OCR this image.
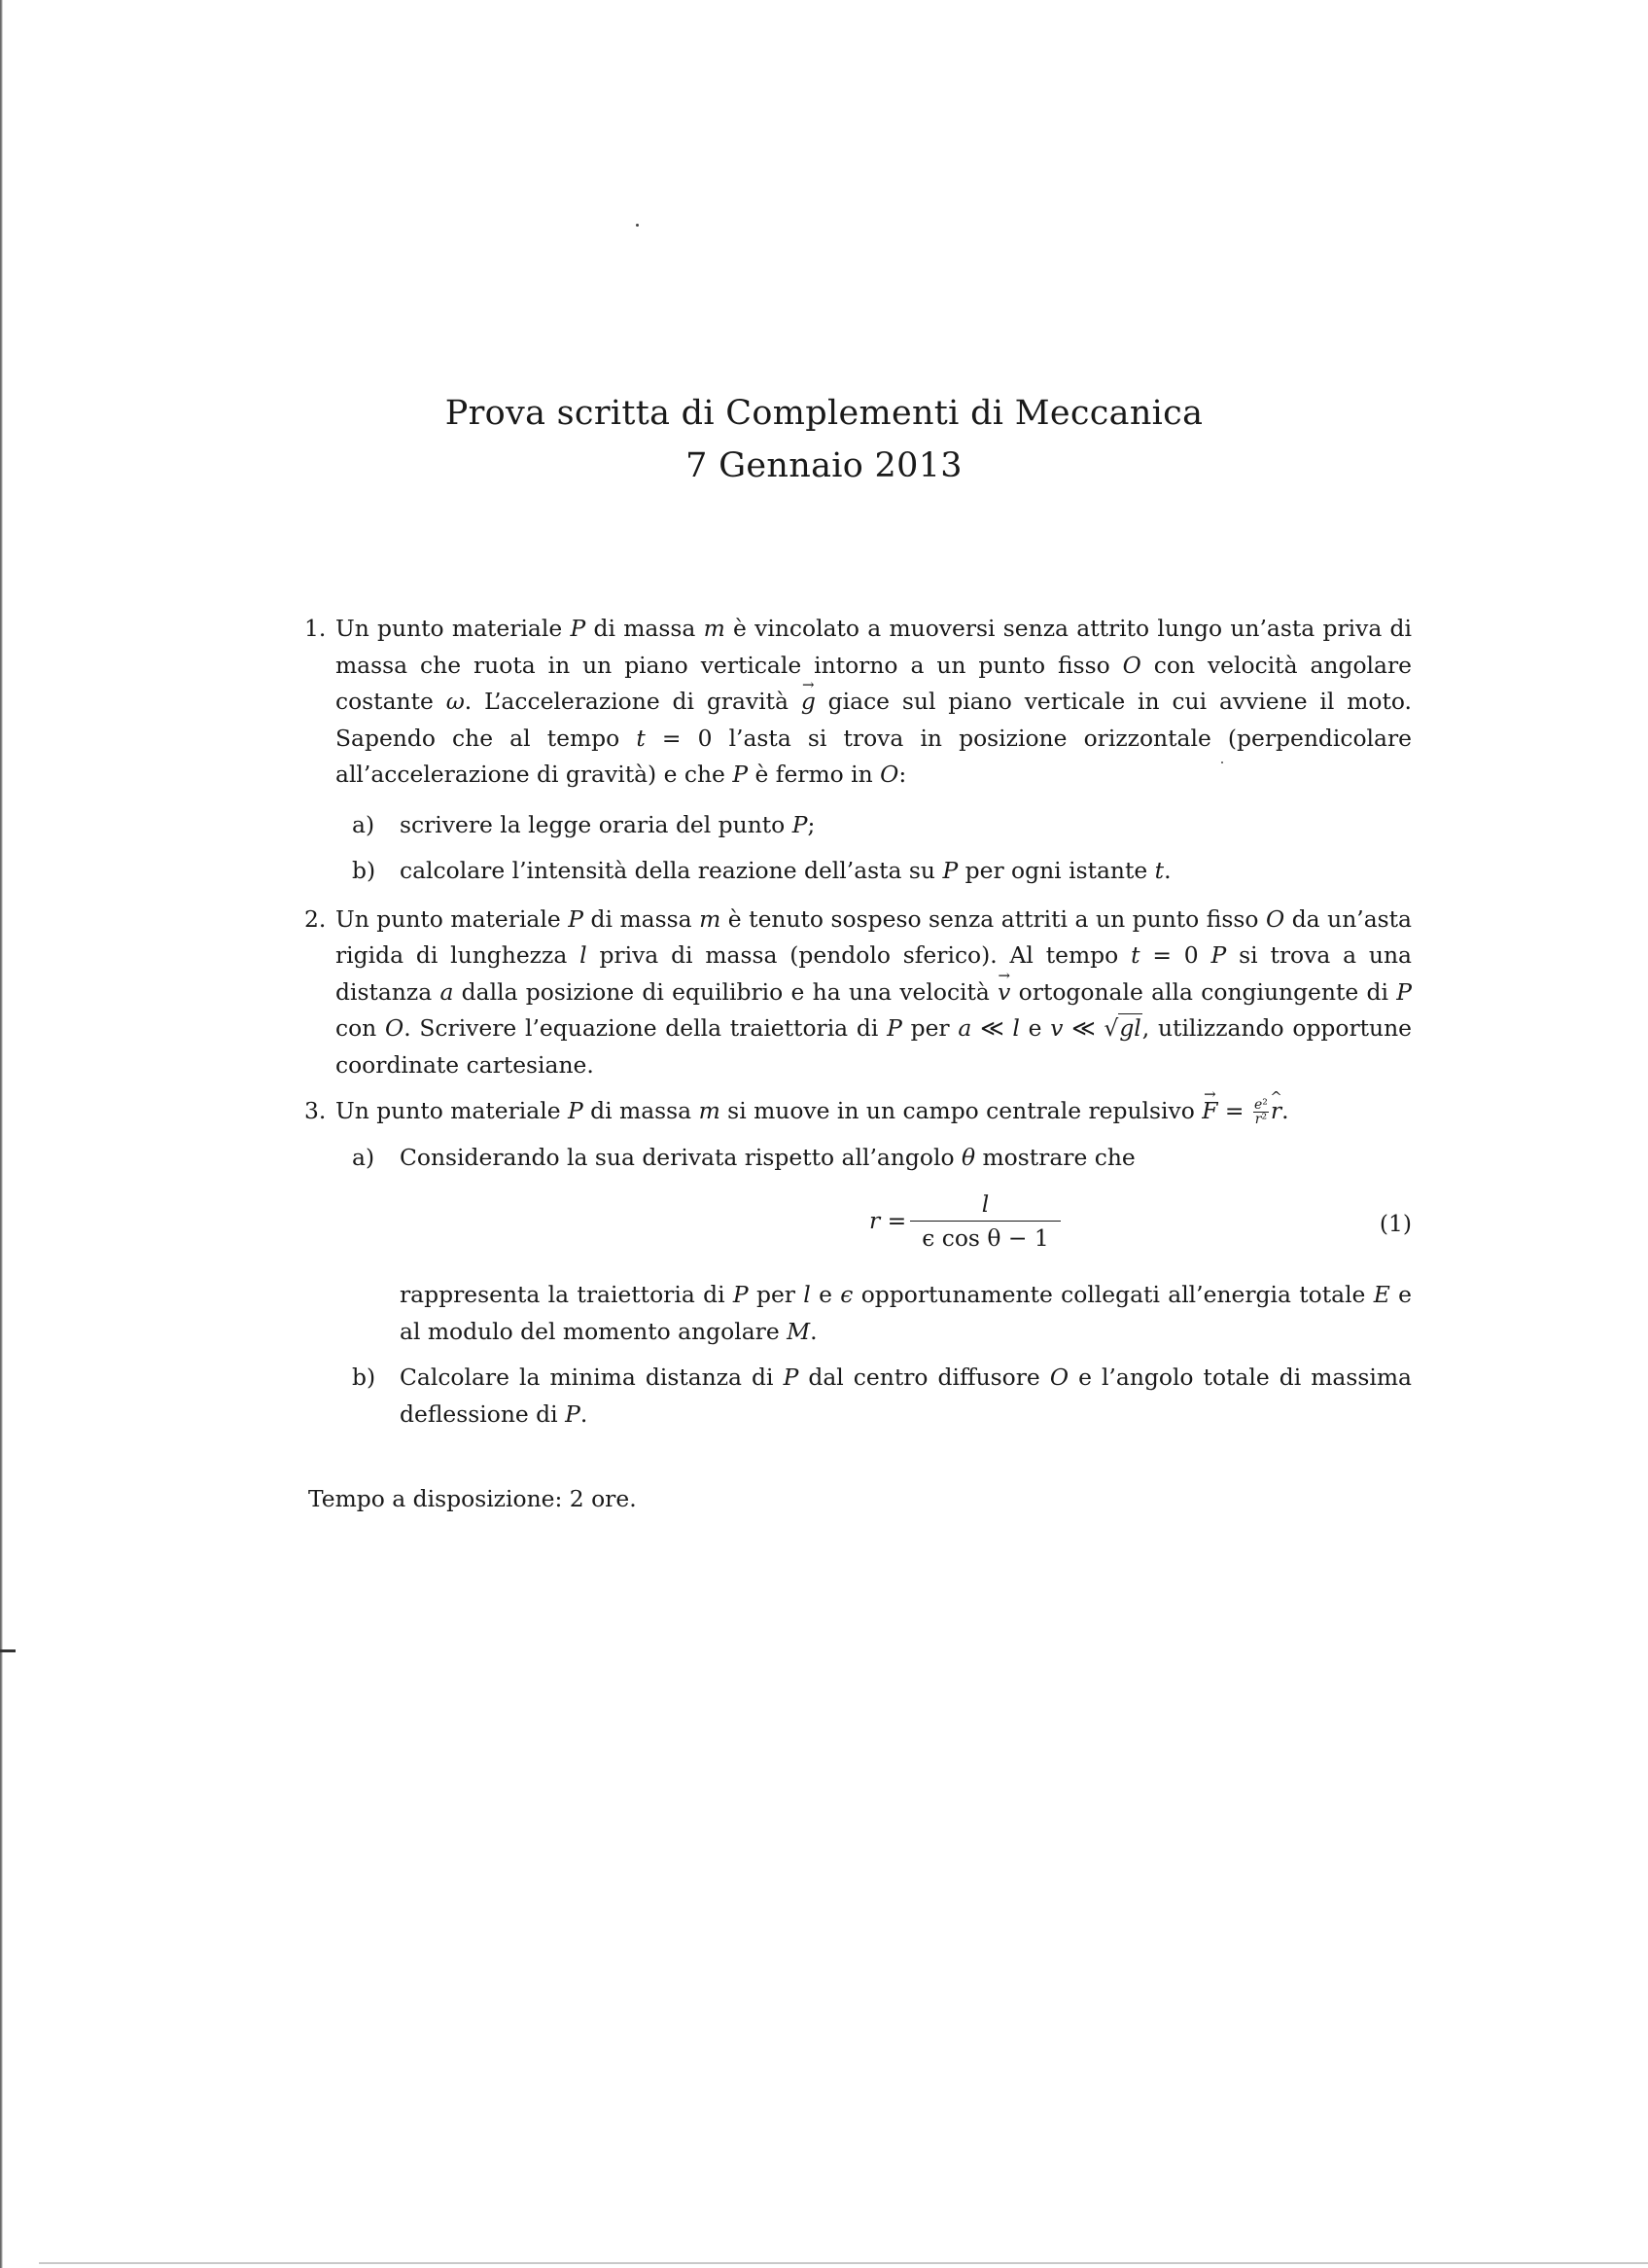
Prova scritta di Complementi di Meccanica
7 Gennaio 2013
1. Un punto materiale P di massa m è vincolato a muoversi senza attrito lungo un’asta priva di massa che ruota in un piano verticale intorno a un punto fisso O con velocità angolare costante ω. L’accelerazione di gravità → g giace sul piano verticale in cui avviene il moto. Sapendo che al tempo t = 0 l’asta si trova in posizione orizzontale (perpendicolare all’accelerazione di gravità) e che P è fermo in O:
a)	scrivere la legge oraria del punto P;
b)	calcolare l’intensità della reazione dell’asta su P per ogni istante t.
2. Un punto materiale P di massa m è tenuto sospeso senza attriti a un punto fisso O da un’asta rigida di lunghezza l priva di massa (pendolo sferico). Al tempo t = 0 P si trova a una distanza a dalla posizione di equilibrio e ha una velocità → v ortogonale alla congiungente di P con O. Scrivere l’equazione della traiettoria di P per a ≪ l e v ≪ √gl, utilizzando opportune coordinate cartesiane.
3. Un punto materiale P di massa m si muove in un campo centrale repulsivo → $F = \frac{\text{e²}}{\text{r²}}$
^ r.
a)	Considerando la sua derivata rispetto all’angolo θ mostrare che
$r = \frac{l}{\text{ϵ cos θ − 1}}$	(1)
rappresenta la traiettoria di P per l e ϵ opportunamente collegati all’energia totale E e al modulo del momento angolare M.
b)	Calcolare la minima distanza di P dal centro diffusore O e l’angolo totale di massima deflessione di P.
Tempo a disposizione: 2 ore.
